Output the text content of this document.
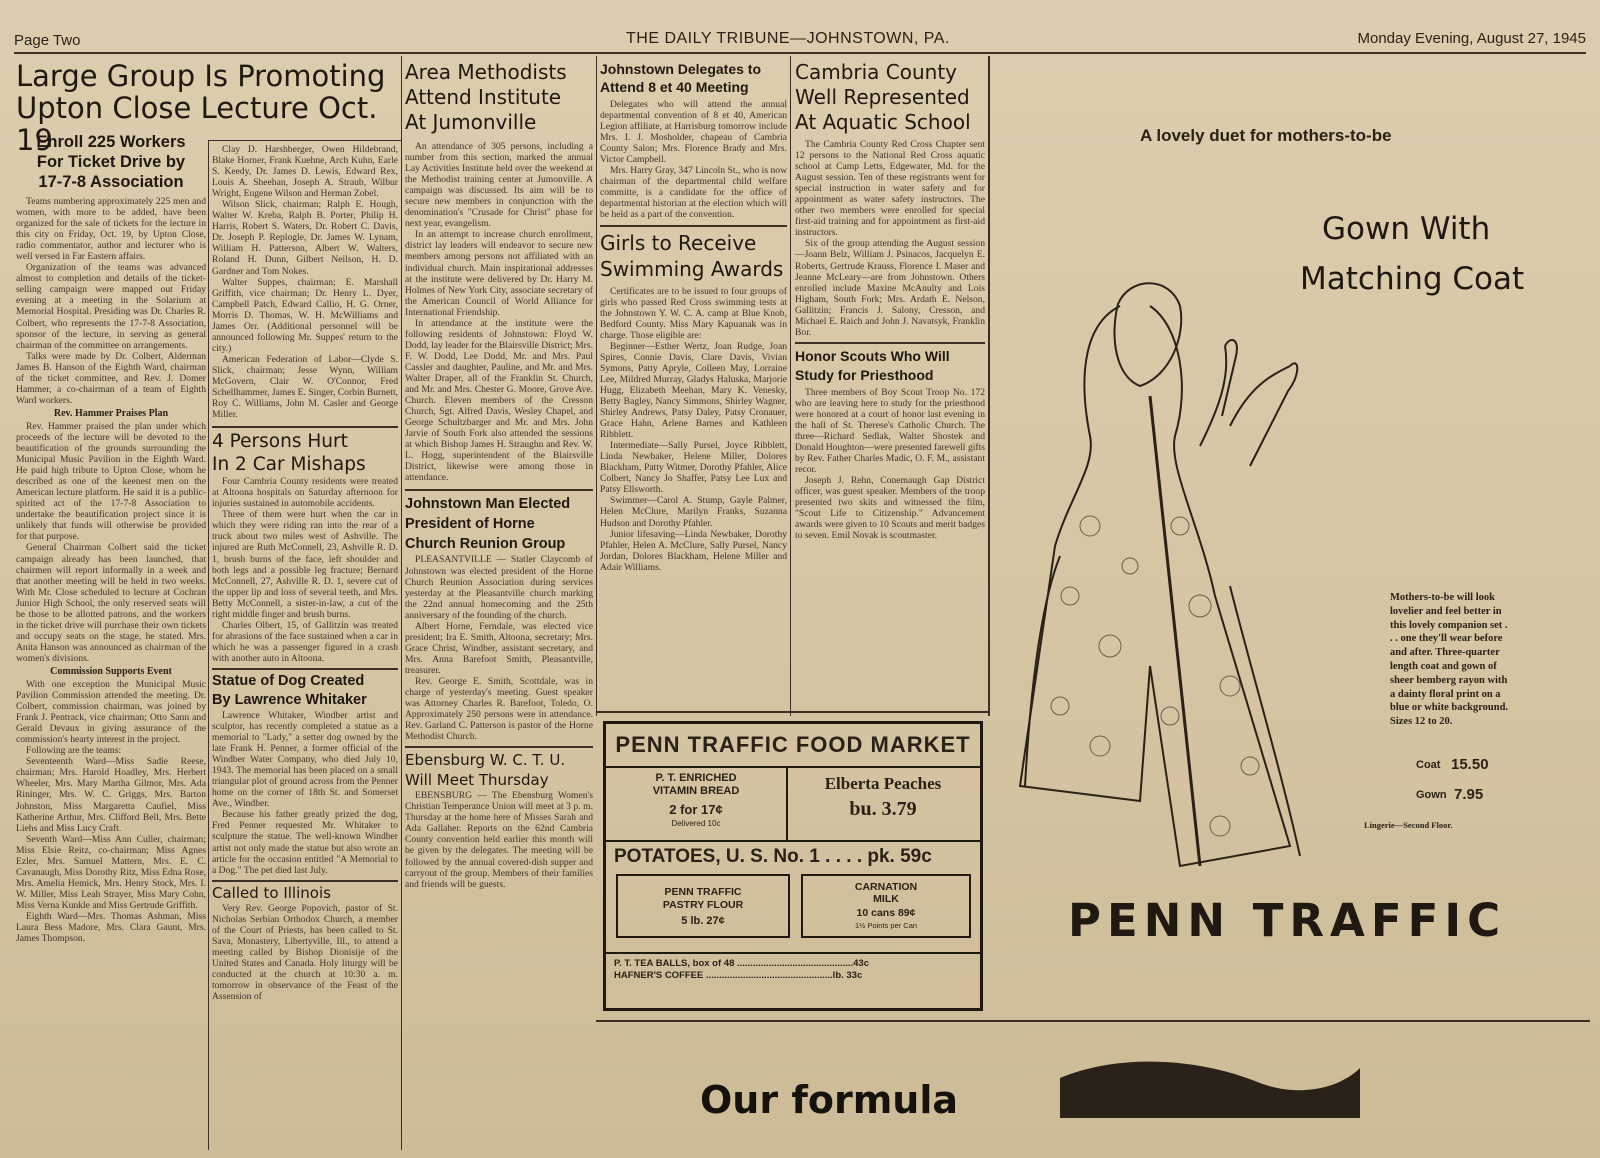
Page Two	THE DAILY TRIBUNE—JOHNSTOWN, PA.	Monday Evening, August 27, 1945
Large Group Is Promoting
Upton Close Lecture Oct. 19
Enroll 225 Workers
For Ticket Drive by
17-7-8 Association

Teams numbering approximately 225 men and women, with more to be added, have been organized for the sale of tickets for the lecture in this city on Friday, Oct. 19, by Upton Close, radio commentator, author and lecturer who is well versed in Far Eastern affairs.

Organization of the teams was advanced almost to completion and details of the ticket-selling campaign were mapped out Friday evening at a meeting in the Solarium at Memorial Hospital. Presiding was Dr. Charles R. Colbert, who represents the 17-7-8 Association, sponsor of the lecture, in serving as general chairman of the committee on arrangements.

Talks were made by Dr. Colbert, Alderman James B. Hanson of the Eighth Ward, chairman of the ticket committee, and Rev. J. Domer Hammer, a co-chairman of a team of Eighth Ward workers.

Rev. Hammer Praises Plan

Rev. Hammer praised the plan under which proceeds of the lecture will be devoted to the beautification of the grounds surrounding the Municipal Music Pavilion in the Eighth Ward. He paid high tribute to Upton Close, whom he described as one of the keenest men on the American lecture platform. He said it is a public-spirited act of the 17-7-8 Association to undertake the beautification project since it is unlikely that funds will otherwise be provided for that purpose.

General Chairman Colbert said the ticket campaign already has been launched, that chairmen will report informally in a week and that another meeting will be held in two weeks. With Mr. Close scheduled to lecture at Cochran Junior High School, the only reserved seats will be those to be allotted patrons, and the workers in the ticket drive will purchase their own tickets and occupy seats on the stage, he stated. Mrs. Anita Hanson was announced as chairman of the women's divisions.

Commission Supports Event

With one exception the Municipal Music Pavilion Commission attended the meeting. Dr. Colbert, commission chairman, was joined by Frank J. Pentrack, vice chairman; Otto Sann and Gerald Devaux in giving assurance of the commission's hearty interest in the project.

Following are the teams:

Seventeenth Ward—Miss Sadie Reese, chairman; Mrs. Harold Hoadley, Mrs. Herbert Wheeler, Mrs. Mary Martha Gilmor, Mrs. Ada Rininger, Mrs. W. C. Griggs, Mrs. Barton Johnston, Miss Margaretta Caufiel, Miss Katherine Arthur, Mrs. Clifford Bell, Mrs. Bette Liehs and Miss Lucy Craft.

Seventh Ward—Miss Ann Culler, chairman; Miss Elsie Reitz, co-chairman; Miss Agnes Ezler, Mrs. Samuel Mattern, Mrs. E. C. Cavanaugh, Miss Dorothy Ritz, Miss Edna Rose, Mrs. Amelia Hemick, Mrs. Henry Stock, Mrs. I. W. Miller, Miss Leah Strayer, Miss Mary Cohn, Miss Verna Kunkle and Miss Gertrude Griffith.

Eighth Ward—Mrs. Thomas Ashman, Miss Laura Bess Madore, Mrs. Clara Gaunt, Mrs. James Thompson.

Clay D. Harshberger, Owen Hildebrand, Blake Horner, Frank Kuehne, Arch Kuhn, Earle S. Keedy, Dr. James D. Lewis, Edward Rex, Louis A. Sheehan, Joseph A. Straub, Wilbur Wright, Eugene Wilson and Herman Zobel.

Wilson Slick, chairman; Ralph E. Hough, Walter W. Kreba, Ralph B. Porter, Philip H. Harris, Robert S. Waters, Dr. Robert C. Davis, Dr. Joseph P. Replogle, Dr. James W. Lynam, William H. Patterson, Albert W. Walters, Roland H. Dunn, Gilbert Neilson, H. D. Gardner and Tom Nokes.

Walter Suppes, chairman; E. Marshall Griffith, vice chairman; Dr. Henry L. Dyer, Campbell Patch, Edward Callio, H. G. Orner, Morris D. Thomas, W. H. McWilliams and James Orr. (Additional personnel will be announced following Mr. Suppes' return to the city.)

American Federation of Labor—Clyde S. Slick, chairman; Jesse Wynn, William McGovern, Clair W. O'Connor, Fred Schellhammer, James E. Singer, Corbin Burnett, Roy C. Williams, John M. Casler and George Miller.

4 Persons Hurt
In 2 Car Mishaps

Four Cambria County residents were treated at Altoona hospitals on Saturday afternoon for injuries sustained in automobile accidents.

Three of them were hurt when the car in which they were riding ran into the rear of a truck about two miles west of Ashville. The injured are Ruth McConnell, 23, Ashville R. D. 1, brush burns of the face, left shoulder and both legs and a possible leg fracture; Bernard McConnell, 27, Ashville R. D. 1, severe cut of the upper lip and loss of several teeth, and Mrs. Betty McConnell, a sister-in-law, a cut of the right middle finger and brush burns.

Charles Olbert, 15, of Gallitzin was treated for abrasions of the face sustained when a car in which he was a passenger figured in a crash with another auto in Altoona.

Statue of Dog Created
By Lawrence Whitaker

Lawrence Whitaker, Windber artist and sculptor, has recently completed a statue as a memorial to "Lady," a setter dog owned by the late Frank H. Penner, a former official of the Windber Water Company, who died July 10, 1943. The memorial has been placed on a small triangular plot of ground across from the Penner home on the corner of 18th St. and Somerset Ave., Windber.

Because his father greatly prized the dog, Fred Penner requested Mr. Whitaker to sculpture the statue. The well-known Windber artist not only made the statue but also wrote an article for the occasion entitled "A Memorial to a Dog." The pet died last July.

Called to Illinois

Very Rev. George Popovich, pastor of St. Nicholas Serbian Orthodox Church, a member of the Court of Priests, has been called to St. Sava, Monastery, Libertyville, Ill., to attend a meeting called by Bishop Dionisije of the United States and Canada. Holy liturgy will be conducted at the church at 10:30 a. m. tomorrow in observance of the Feast of the Assension of

Area Methodists
Attend Institute
At Jumonville

An attendance of 305 persons, including a number from this section, marked the annual Lay Activities Institute held over the weekend at the Methodist training center at Jumonville. A campaign was discussed. Its aim will be to secure new members in conjunction with the denomination's "Crusade for Christ" phase for next year, evangelism.

In an attempt to increase church enrollment, district lay leaders will endeavor to secure new members among persons not affiliated with an individual church. Main inspirational addresses at the institute were delivered by Dr. Harry M. Holmes of New York City, associate secretary of the American Council of World Alliance for International Friendship.

In attendance at the institute were the following residents of Johnstown: Floyd W. Dodd, lay leader for the Blairsville District; Mrs. F. W. Dodd, Lee Dodd, Mr. and Mrs. Paul Cassler and daughter, Pauline, and Mr. and Mrs. Walter Draper, all of the Franklin St. Church, and Mr. and Mrs. Chester G. Moore, Grove Ave. Church. Eleven members of the Cresson Church, Sgt. Alfred Davis, Wesley Chapel, and George Schultzbarger and Mr. and Mrs. John Jarvie of South Fork also attended the sessions at which Bishop James H. Straughn and Rev. W. L. Hogg, superintendent of the Blairsville District, likewise were among those in attendance.

Johnstown Man Elected
President of Horne
Church Reunion Group

PLEASANTVILLE — Statler Claycomb of Johnstown was elected president of the Horne Church Reunion Association during services yesterday at the Pleasantville church marking the 22nd annual homecoming and the 25th anniversary of the founding of the church.

Albert Horne, Ferndale, was elected vice president; Ira E. Smith, Altoona, secretary; Mrs. Grace Christ, Windber, assistant secretary, and Mrs. Anna Barefoot Smith, Pleasantville, treasurer.

Rev. George E. Smith, Scottdale, was in charge of yesterday's meeting. Guest speaker was Attorney Charles R. Barefoot, Toledo, O. Approximately 250 persons were in attendance. Rev. Garland C. Patterson is pastor of the Horne Methodist Church.

Ebensburg W. C. T. U.
Will Meet Thursday

EBENSBURG — The Ebensburg Women's Christian Temperance Union will meet at 3 p. m. Thursday at the home here of Misses Sarah and Ada Gallaher. Reports on the 62nd Cambria County convention held earlier this month will be given by the delegates. The meeting will be followed by the annual covered-dish supper and carryout of the group. Members of their families and friends will be guests.

Johnstown Delegates to
Attend 8 et 40 Meeting

Delegates who will attend the annual departmental convention of 8 et 40, American Legion affiliate, at Harrisburg tomorrow include Mrs. I. J. Mosholder, chapeau of Cambria County Salon; Mrs. Florence Brady and Mrs. Victor Campbell.

Mrs. Harry Gray, 347 Lincoln St., who is now chairman of the departmental child welfare committe, is a candidate for the office of departmental historian at the election which will be held as a part of the convention.

Girls to Receive
Swimming Awards

Certificates are to be issued to four groups of girls who passed Red Cross swimming tests at the Johnstown Y. W. C. A. camp at Blue Knob, Bedford County. Miss Mary Kapuanak was in charge. Those eligible are:

Beginner—Esther Wertz, Joan Rudge, Joan Spires, Connie Davis, Clare Davis, Vivian Symons, Patty Apryle, Colleen May, Lorraine Lee, Mildred Murray, Gladys Haluska, Marjorie Hugg, Elizabeth Meehan, Mary K. Venesky, Betty Bagley, Nancy Simmons, Shirley Wagner, Shirley Andrews, Patsy Daley, Patsy Cronauer, Grace Hahn, Arlene Barnes and Kathleen Ribblett.

Intermediate—Sally Pursel, Joyce Ribblett, Linda Newbaker, Helene Miller, Dolores Blackham, Patty Witmer, Dorothy Pfahler, Alice Colbert, Nancy Jo Shaffer, Patsy Lee Lux and Patsy Ellsworth.

Swimmer—Carol A. Stump, Gayle Palmer, Helen McClure, Marilyn Franks, Suzanna Hudson and Dorothy Pfahler.

Junior lifesaving—Linda Newbaker, Dorothy Pfahler, Helen A. McClure, Sally Pursel, Nancy Jordan, Dolores Blackham, Helene Miller and Adair Williams.

Cambria County
Well Represented
At Aquatic School

The Cambria County Red Cross Chapter sent 12 persons to the National Red Cross aquatic school at Camp Letts, Edgewater, Md. for the August session. Ten of these registrants went for special instruction in water safety and for appointment as water safety instructors. The other two members were enrolled for special first-aid training and for appointment as first-aid instructors.

Six of the group attending the August session—Joann Belz, William J. Psinacos, Jacquelyn E. Roberts, Gertrude Krauss, Florence I. Maser and Jeanne McLeary—are from Johnstown. Others enrolled include Maxine McAnulty and Lois Higham, South Fork; Mrs. Ardath E. Nelson, Gallitzin; Francis J. Salony, Cresson, and Michael E. Raich and John J. Navatsyk, Franklin Bor.

Honor Scouts Who Will
Study for Priesthood

Three members of Boy Scout Troop No. 172 who are leaving here to study for the priesthood were honored at a court of honor last evening in the hall of St. Therese's Catholic Church. The three—Richard Sedlak, Walter Shostek and Donald Houghton—were presented farewell gifts by Rev. Father Charles Madic, O. F. M., assistant recor.

Joseph J. Rehn, Conemaugh Gap District officer, was guest speaker. Members of the troop presented two skits and witnessed the film, "Scout Life to Citizenship." Advancement awards were given to 10 Scouts and merit badges to seven. Emil Novak is scoutmaster.

PENN TRAFFIC FOOD MARKET
P. T. ENRICHED
VITAMIN BREAD
2 for 17¢
Delivered 10c
Elberta Peaches
bu. 3.79
POTATOES, U. S. No. 1 . . . . pk. 59c
PENN TRAFFIC
PASTRY FLOUR
5 lb. 27¢
CARNATION
MILK
10 cans 89¢
1½ Points per Can
P. T. TEA BALLS, box of 48 ............................................43c
HAFNER'S COFFEE ................................................lb. 33c
A lovely duet for mothers-to-be
Gown With
Matching Coat
Mothers-to-be will look lovelier and feel better in this lovely companion set . . . one they'll wear before and after. Three-quarter length coat and gown of sheer bemberg rayon with a dainty floral print on a blue or white background. Sizes 12 to 20.
Coat 15.50
Gown 7.95
Lingerie—Second Floor.
PENN TRAFFIC
Our formula
